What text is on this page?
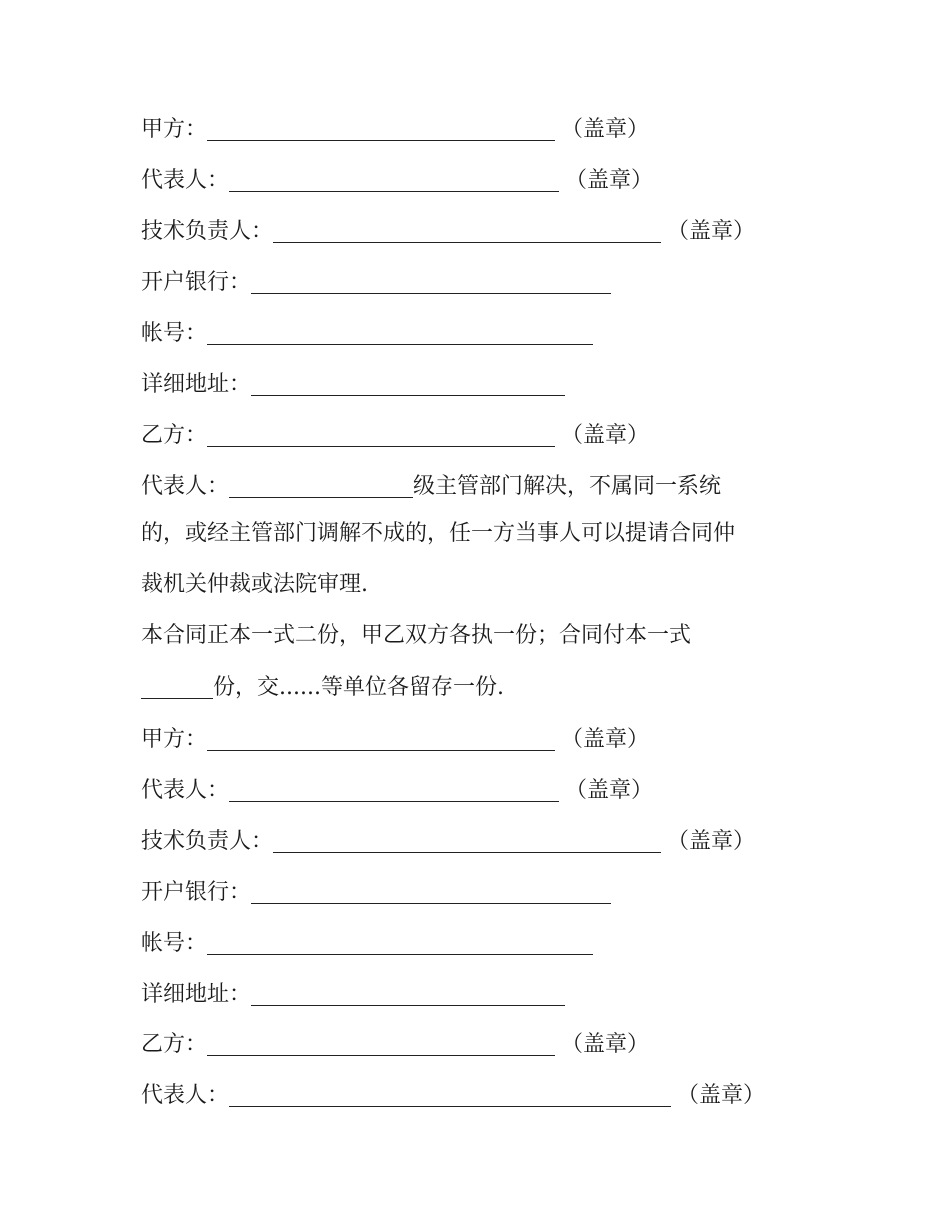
甲方：	（盖章）
代表人：	（盖章）
技术负责人：	（盖章）
开户银行：
帐号：
详细地址：
乙方：	（盖章）
代表人：	级主管部门解决，不属同一系统
的，或经主管部门调解不成的，任一方当事人可以提请合同仲
裁机关仲裁或法院审理.
本合同正本一式二份，甲乙双方各执一份；合同付本一式
份，交......等单位各留存一份.
甲方：	（盖章）
代表人：	（盖章）
技术负责人：	（盖章）
开户银行：
帐号：
详细地址：
乙方：	（盖章）
代表人：	（盖章）
